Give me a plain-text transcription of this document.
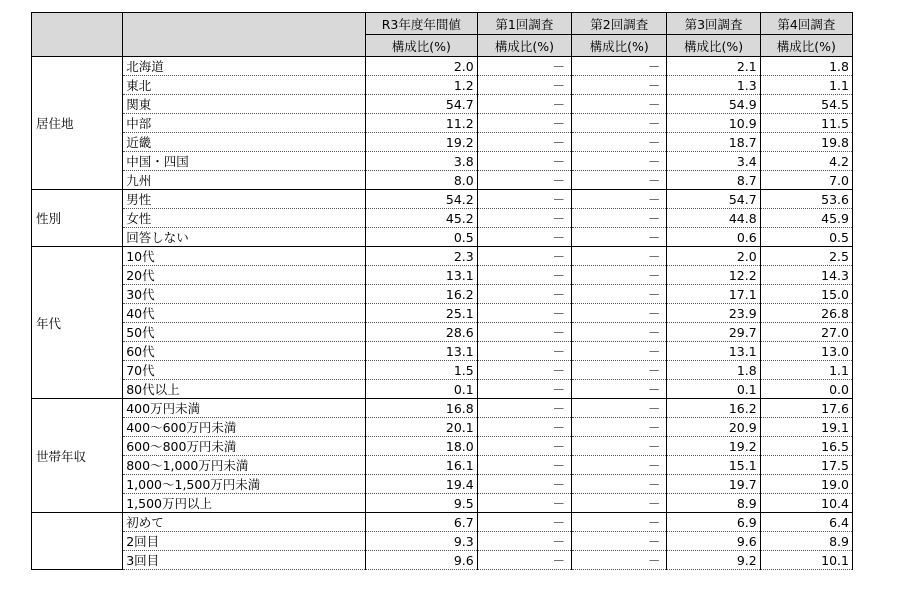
		R3年度年間値	第1回調査	第2回調査	第3回調査	第4回調査
		構成比(%)	構成比(%)	構成比(%)	構成比(%)	構成比(%)
居住地	北海道	2.0	－	－	2.1	1.8
	東北	1.2	－	－	1.3	1.1
	関東	54.7	－	－	54.9	54.5
	中部	11.2	－	－	10.9	11.5
	近畿	19.2	－	－	18.7	19.8
	中国・四国	3.8	－	－	3.4	4.2
	九州	8.0	－	－	8.7	7.0
性別	男性	54.2	－	－	54.7	53.6
	女性	45.2	－	－	44.8	45.9
	回答しない	0.5	－	－	0.6	0.5
年代	10代	2.3	－	－	2.0	2.5
	20代	13.1	－	－	12.2	14.3
	30代	16.2	－	－	17.1	15.0
	40代	25.1	－	－	23.9	26.8
	50代	28.6	－	－	29.7	27.0
	60代	13.1	－	－	13.1	13.0
	70代	1.5	－	－	1.8	1.1
	80代以上	0.1	－	－	0.1	0.0
世帯年収	400万円未満	16.8	－	－	16.2	17.6
	400～600万円未満	20.1	－	－	20.9	19.1
	600～800万円未満	18.0	－	－	19.2	16.5
	800～1,000万円未満	16.1	－	－	15.1	17.5
	1,000～1,500万円未満	19.4	－	－	19.7	19.0
	1,500万円以上	9.5	－	－	8.9	10.4
	初めて	6.7	－	－	6.9	6.4
	2回目	9.3	－	－	9.6	8.9
	3回目	9.6	－	－	9.2	10.1
